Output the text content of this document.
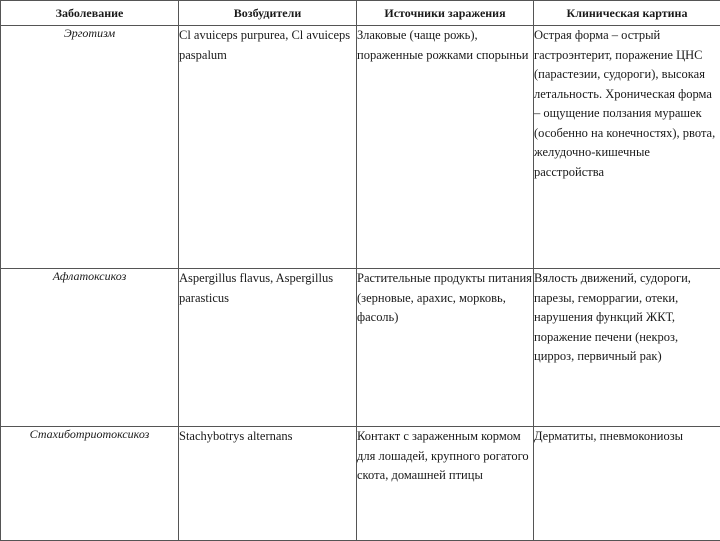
Заболевание	Возбудители	Источники заражения	Клиническая картина
Эрготизм	Cl avuiceps purpurea, Cl avuiceps paspalum	Злаковые (чаще рожь), пораженные рожками спорыньи	Острая форма – острый гастроэнтерит, поражение ЦНС (парастезии, судороги), высокая летальность. Хроническая форма – ощущение ползания мурашек (особенно на конечностях), рвота, желудочно-кишечные расстройства
Афлатоксикоз	Aspergillus flavus, Aspergillus parasticus	Растительные продукты питания (зерновые, арахис, морковь, фасоль)	Вялость движений, судороги, парезы, геморрагии, отеки, нарушения функций ЖКТ, поражение печени (некроз, цирроз, первичный рак)
Стахиботриотоксикоз	Stachybotrys alternans	Контакт с зараженным кормом для лошадей, крупного рогатого скота, домашней птицы	Дерматиты, пневмокониозы
